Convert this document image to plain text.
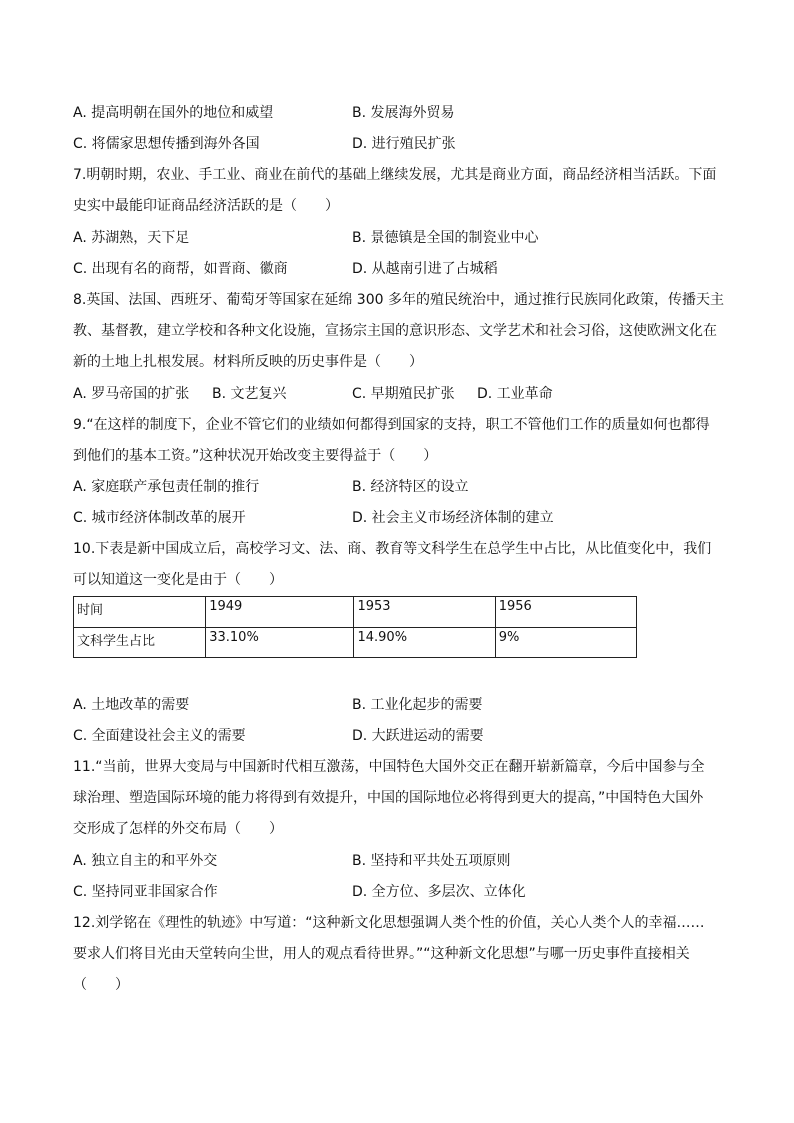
A. 提高明朝在国外的地位和威望	B. 发展海外贸易
C. 将儒家思想传播到海外各国	D. 进行殖民扩张
7.明朝时期，农业、手工业、商业在前代的基础上继续发展，尤其是商业方面，商品经济相当活跃。下面
史实中最能印证商品经济活跃的是（　　）
A. 苏湖熟，天下足	B. 景德镇是全国的制瓷业中心
C. 出现有名的商帮，如晋商、徽商	D. 从越南引进了占城稻
8.英国、法国、西班牙、葡萄牙等国家在延绵 300 多年的殖民统治中，通过推行民族同化政策，传播天主
教、基督教，建立学校和各种文化设施，宣扬宗主国的意识形态、文学艺术和社会习俗，这使欧洲文化在
新的土地上扎根发展。材料所反映的历史事件是（　　）
A. 罗马帝国的扩张 B. 文艺复兴	C. 早期殖民扩张 D. 工业革命
9.“在这样的制度下，企业不管它们的业绩如何都得到国家的支持，职工不管他们工作的质量如何也都得
到他们的基本工资。”这种状况开始改变主要得益于（　　）
A. 家庭联产承包责任制的推行	B. 经济特区的设立
C. 城市经济体制改革的展开	D. 社会主义市场经济体制的建立
10.下表是新中国成立后，高校学习文、法、商、教育等文科学生在总学生中占比，从比值变化中，我们
可以知道这一变化是由于（　　）
时间	1949	1953	1956
文科学生占比	33.10%	14.90%	9%
A. 土地改革的需要	B. 工业化起步的需要
C. 全面建设社会主义的需要	D. 大跃进运动的需要
11.“当前，世界大变局与中国新时代相互激荡，中国特色大国外交正在翻开崭新篇章，今后中国参与全
球治理、塑造国际环境的能力将得到有效提升，中国的国际地位必将得到更大的提高，”中国特色大国外
交形成了怎样的外交布局（　　）
A. 独立自主的和平外交	B. 坚持和平共处五项原则
C. 坚持同亚非国家合作	D. 全方位、多层次、立体化
12.刘学铭在《理性的轨迹》中写道：“这种新文化思想强调人类个性的价值，关心人类个人的幸福……
要求人们将目光由天堂转向尘世，用人的观点看待世界。”“这种新文化思想”与哪一历史事件直接相关
（　　）
